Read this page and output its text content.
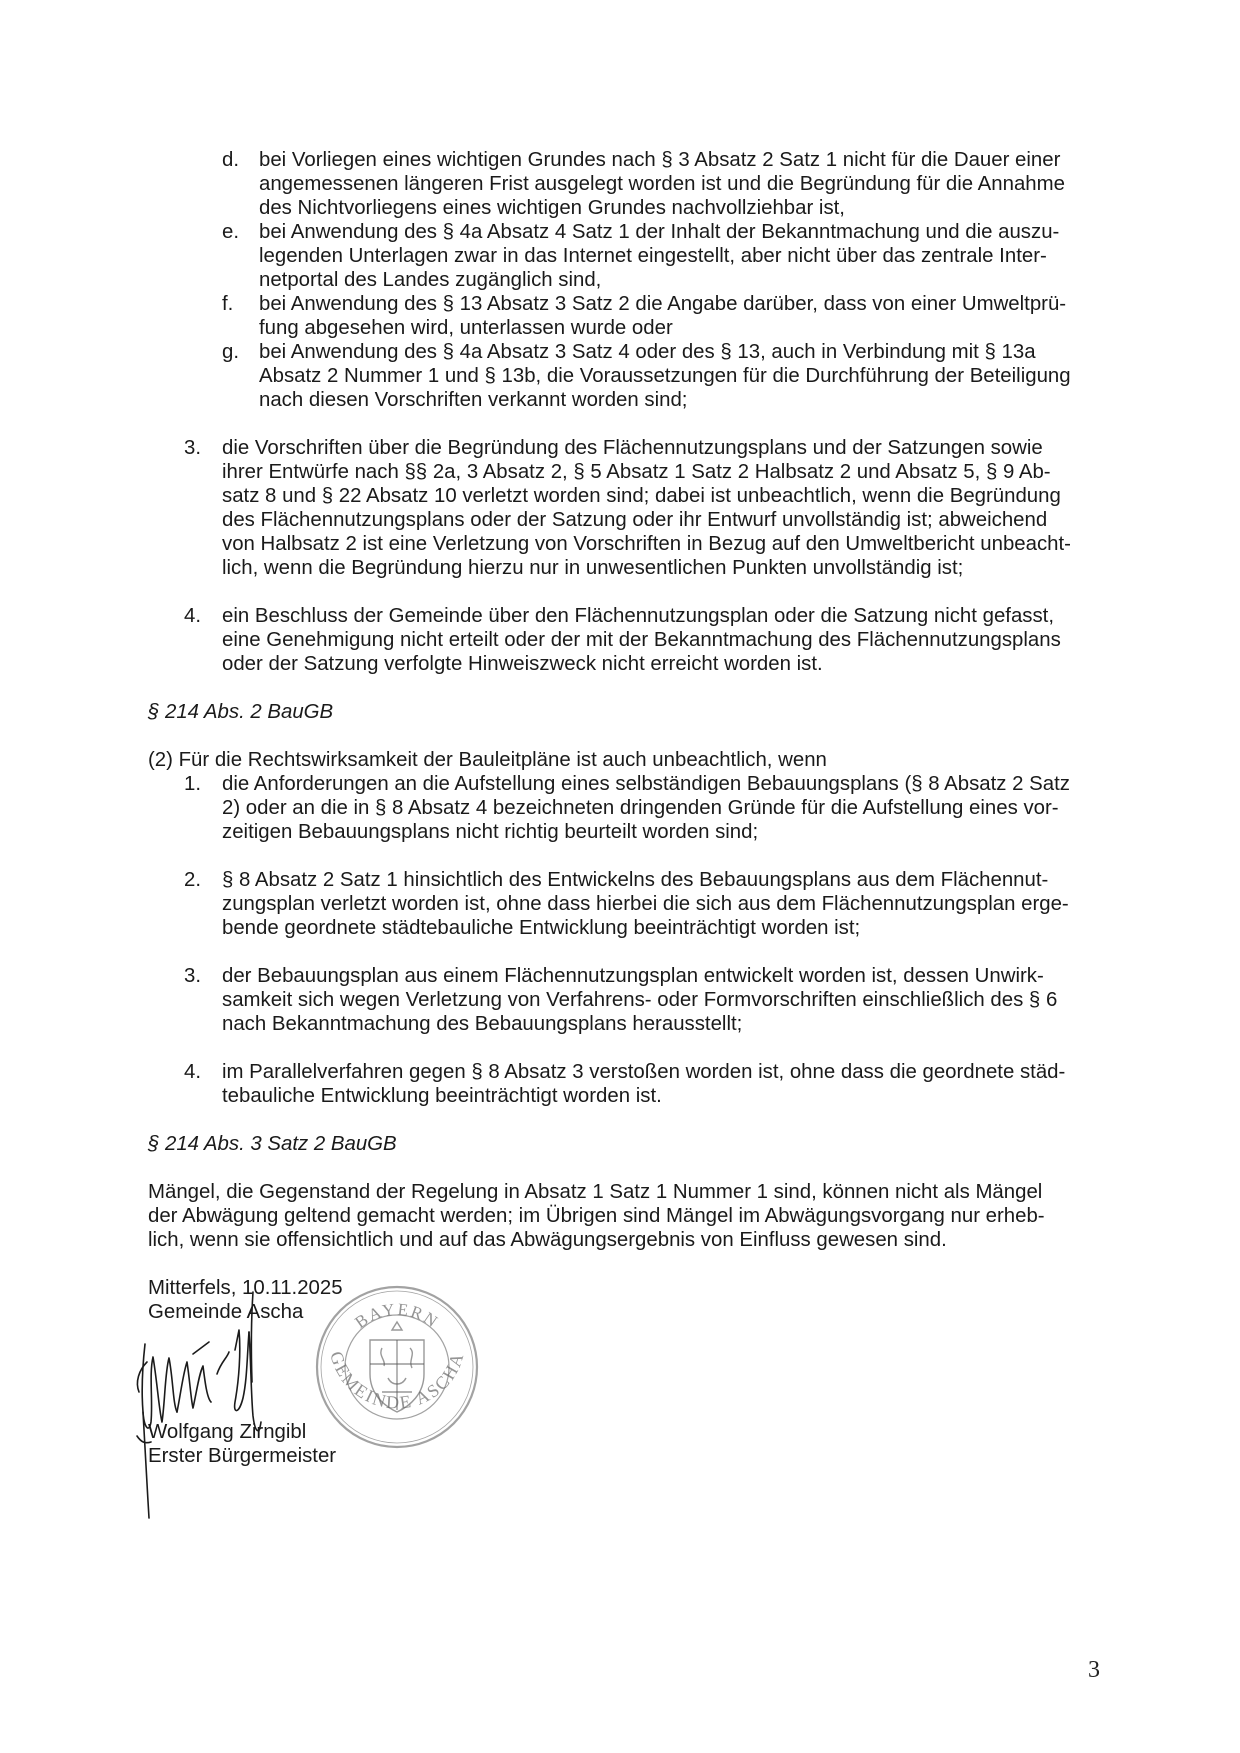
d. bei Vorliegen eines wichtigen Grundes nach § 3 Absatz 2 Satz 1 nicht für die Dauer einer
angemessenen längeren Frist ausgelegt worden ist und die Begründung für die Annahme
des Nichtvorliegens eines wichtigen Grundes nachvollziehbar ist,
e. bei Anwendung des § 4a Absatz 4 Satz 1 der Inhalt der Bekanntmachung und die auszu-
legenden Unterlagen zwar in das Internet eingestellt, aber nicht über das zentrale Inter-
netportal des Landes zugänglich sind,
f. bei Anwendung des § 13 Absatz 3 Satz 2 die Angabe darüber, dass von einer Umweltprü-
fung abgesehen wird, unterlassen wurde oder
g. bei Anwendung des § 4a Absatz 3 Satz 4 oder des § 13, auch in Verbindung mit § 13a
Absatz 2 Nummer 1 und § 13b, die Voraussetzungen für die Durchführung der Beteiligung
nach diesen Vorschriften verkannt worden sind;
3. die Vorschriften über die Begründung des Flächennutzungsplans und der Satzungen sowie
ihrer Entwürfe nach §§ 2a, 3 Absatz 2, § 5 Absatz 1 Satz 2 Halbsatz 2 und Absatz 5, § 9 Ab-
satz 8 und § 22 Absatz 10 verletzt worden sind; dabei ist unbeachtlich, wenn die Begründung
des Flächennutzungsplans oder der Satzung oder ihr Entwurf unvollständig ist; abweichend
von Halbsatz 2 ist eine Verletzung von Vorschriften in Bezug auf den Umweltbericht unbeacht-
lich, wenn die Begründung hierzu nur in unwesentlichen Punkten unvollständig ist;
4. ein Beschluss der Gemeinde über den Flächennutzungsplan oder die Satzung nicht gefasst,
eine Genehmigung nicht erteilt oder der mit der Bekanntmachung des Flächennutzungsplans
oder der Satzung verfolgte Hinweiszweck nicht erreicht worden ist.
§ 214 Abs. 2 BauGB
(2) Für die Rechtswirksamkeit der Bauleitpläne ist auch unbeachtlich, wenn
1. die Anforderungen an die Aufstellung eines selbständigen Bebauungsplans (§ 8 Absatz 2 Satz
2) oder an die in § 8 Absatz 4 bezeichneten dringenden Gründe für die Aufstellung eines vor-
zeitigen Bebauungsplans nicht richtig beurteilt worden sind;
2. § 8 Absatz 2 Satz 1 hinsichtlich des Entwickelns des Bebauungsplans aus dem Flächennut-
zungsplan verletzt worden ist, ohne dass hierbei die sich aus dem Flächennutzungsplan erge-
bende geordnete städtebauliche Entwicklung beeinträchtigt worden ist;
3. der Bebauungsplan aus einem Flächennutzungsplan entwickelt worden ist, dessen Unwirk-
samkeit sich wegen Verletzung von Verfahrens- oder Formvorschriften einschließlich des § 6
nach Bekanntmachung des Bebauungsplans herausstellt;
4. im Parallelverfahren gegen § 8 Absatz 3 verstoßen worden ist, ohne dass die geordnete städ-
tebauliche Entwicklung beeinträchtigt worden ist.
§ 214 Abs. 3 Satz 2 BauGB
Mängel, die Gegenstand der Regelung in Absatz 1 Satz 1 Nummer 1 sind, können nicht als Mängel
der Abwägung geltend gemacht werden; im Übrigen sind Mängel im Abwägungsvorgang nur erheb-
lich, wenn sie offensichtlich und auf das Abwägungsergebnis von Einfluss gewesen sind.
Mitterfels, 10.11.2025
Gemeinde Ascha
Wolfgang Zirngibl
Erster Bürgermeister
BAYERN
GEMEINDE ASCHA
3
